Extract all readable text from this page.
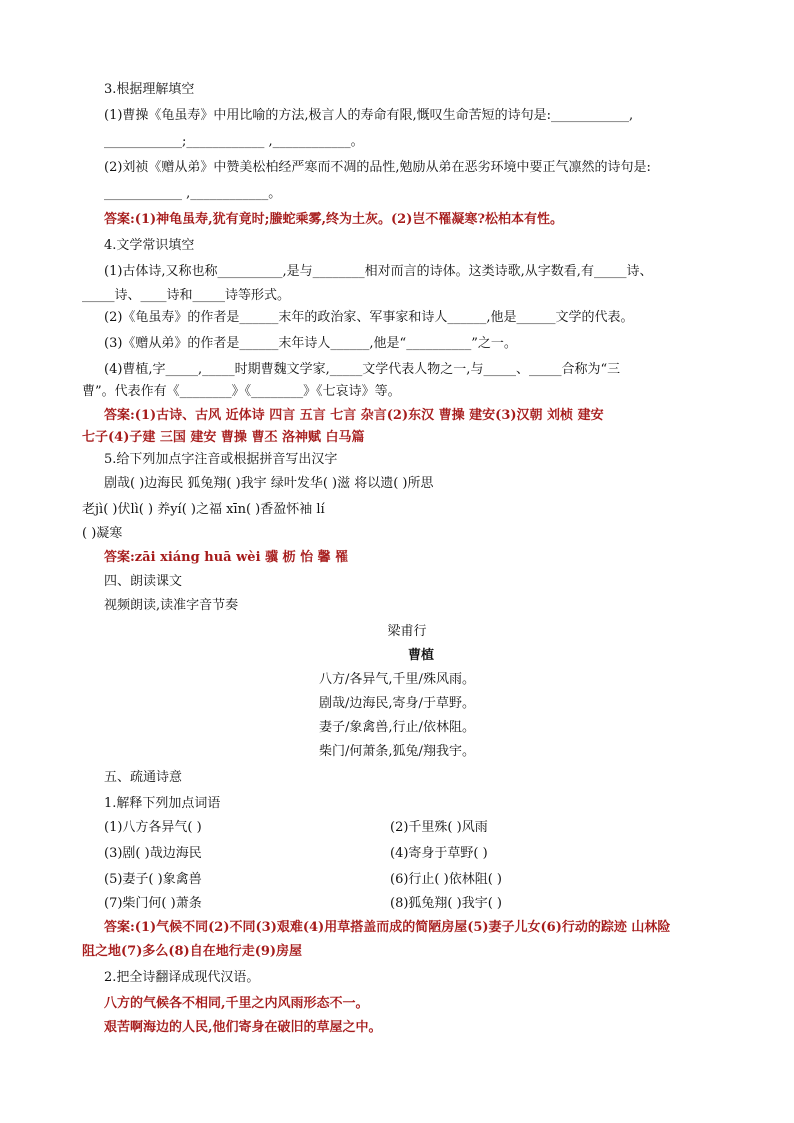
3.根据理解填空
(1)曹操《龟虽寿》中用比喻的方法,极言人的寿命有限,慨叹生命苦短的诗句是:____________,
____________;____________ ,____________。
(2)刘祯《赠从弟》中赞美松柏经严寒而不凋的品性,勉励从弟在恶劣环境中要正气凛然的诗句是:
____________ ,____________。
答案:(1)神龟虽寿,犹有竟时;螣蛇乘雾,终为土灰。(2)岂不罹凝寒?松柏本有性。
4.文学常识填空
(1)古体诗,又称也称__________,是与________相对而言的诗体。这类诗歌,从字数看,有_____诗、
_____诗、____诗和_____诗等形式。
(2)《龟虽寿》的作者是______末年的政治家、军事家和诗人______,他是______文学的代表。
(3)《赠从弟》的作者是______末年诗人______,他是“__________”之一。
(4)曹植,字_____,_____时期曹魏文学家,_____文学代表人物之一,与_____、_____合称为“三
曹”。代表作有《________》《________》《七哀诗》等。
答案:(1)古诗、古风 近体诗 四言 五言 七言 杂言(2)东汉 曹操 建安(3)汉朝 刘桢 建安
七子(4)子建 三国 建安 曹操 曹丕 洛神赋 白马篇
5.给下列加点字注音或根据拼音写出汉字
剧哉( )边海民 狐兔翔( )我宇 绿叶发华( )滋 将以遗( )所思
老jì( )伏lì( ) 养yí( )之福 xīn( )香盈怀袖 lí
( )凝寒
答案:zāi xiáng huā wèi 骥 枥 怡 馨 罹
四、朗读课文
视频朗读,读准字音节奏
梁甫行
曹植
八方/各异气,千里/殊风雨。
剧哉/边海民,寄身/于草野。
妻子/象禽兽,行止/依林阻。
柴门/何萧条,狐兔/翔我宇。
五、疏通诗意
1.解释下列加点词语
(1)八方各异气( )	(2)千里殊( )风雨
(3)剧( )哉边海民	(4)寄身于草野( )
(5)妻子( )象禽兽	(6)行止( )依林阻( )
(7)柴门何( )萧条	(8)狐兔翔( )我宇( )
答案:(1)气候不同(2)不同(3)艰难(4)用草搭盖而成的简陋房屋(5)妻子儿女(6)行动的踪迹 山林险
阻之地(7)多么(8)自在地行走(9)房屋
2.把全诗翻译成现代汉语。
八方的气候各不相同,千里之内风雨形态不一。
艰苦啊海边的人民,他们寄身在破旧的草屋之中。
